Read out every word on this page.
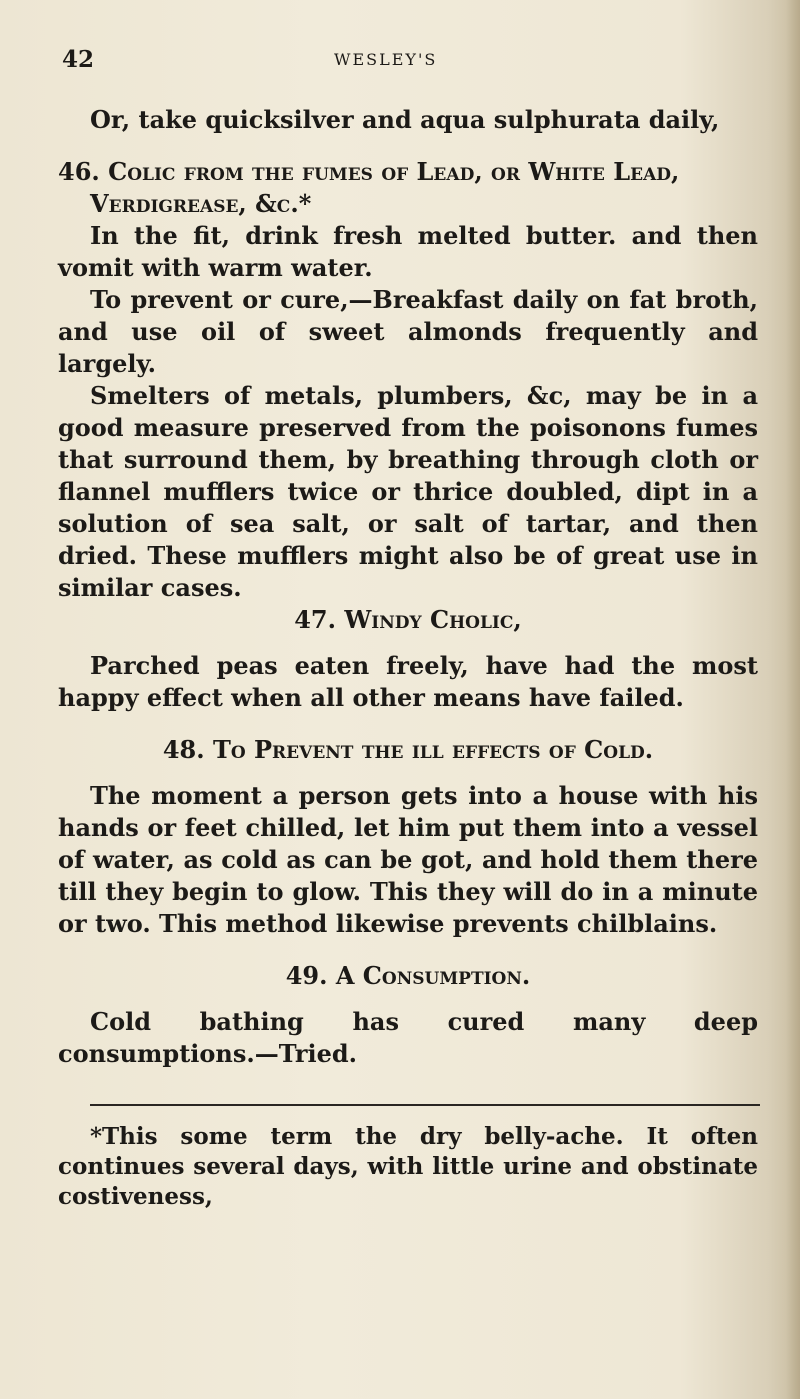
42	WESLEY'S

Or, take quicksilver and aqua sulphurata daily,

46. Colic from the fumes of Lead, or White Lead, Verdigrease, &c.*

In the fit, drink fresh melted butter. and then vomit with warm water.

To prevent or cure,—Breakfast daily on fat broth, and use oil of sweet almonds frequently and largely.

Smelters of metals, plumbers, &c, may be in a good measure preserved from the poisonons fumes that surround them, by breathing through cloth or flannel mufflers twice or thrice doubled, dipt in a solution of sea salt, or salt of tartar, and then dried. These mufflers might also be of great use in similar cases.

47. Windy Cholic,

Parched peas eaten freely, have had the most happy effect when all other means have failed.

48. To Prevent the ill effects of Cold.

The moment a person gets into a house with his hands or feet chilled, let him put them into a vessel of water, as cold as can be got, and hold them there till they begin to glow. This they will do in a minute or two. This method likewise prevents chilblains.

49. A Consumption.

Cold bathing has cured many deep consumptions.—Tried.

*This some term the dry belly-ache. It often continues several days, with little urine and obstinate costiveness,
